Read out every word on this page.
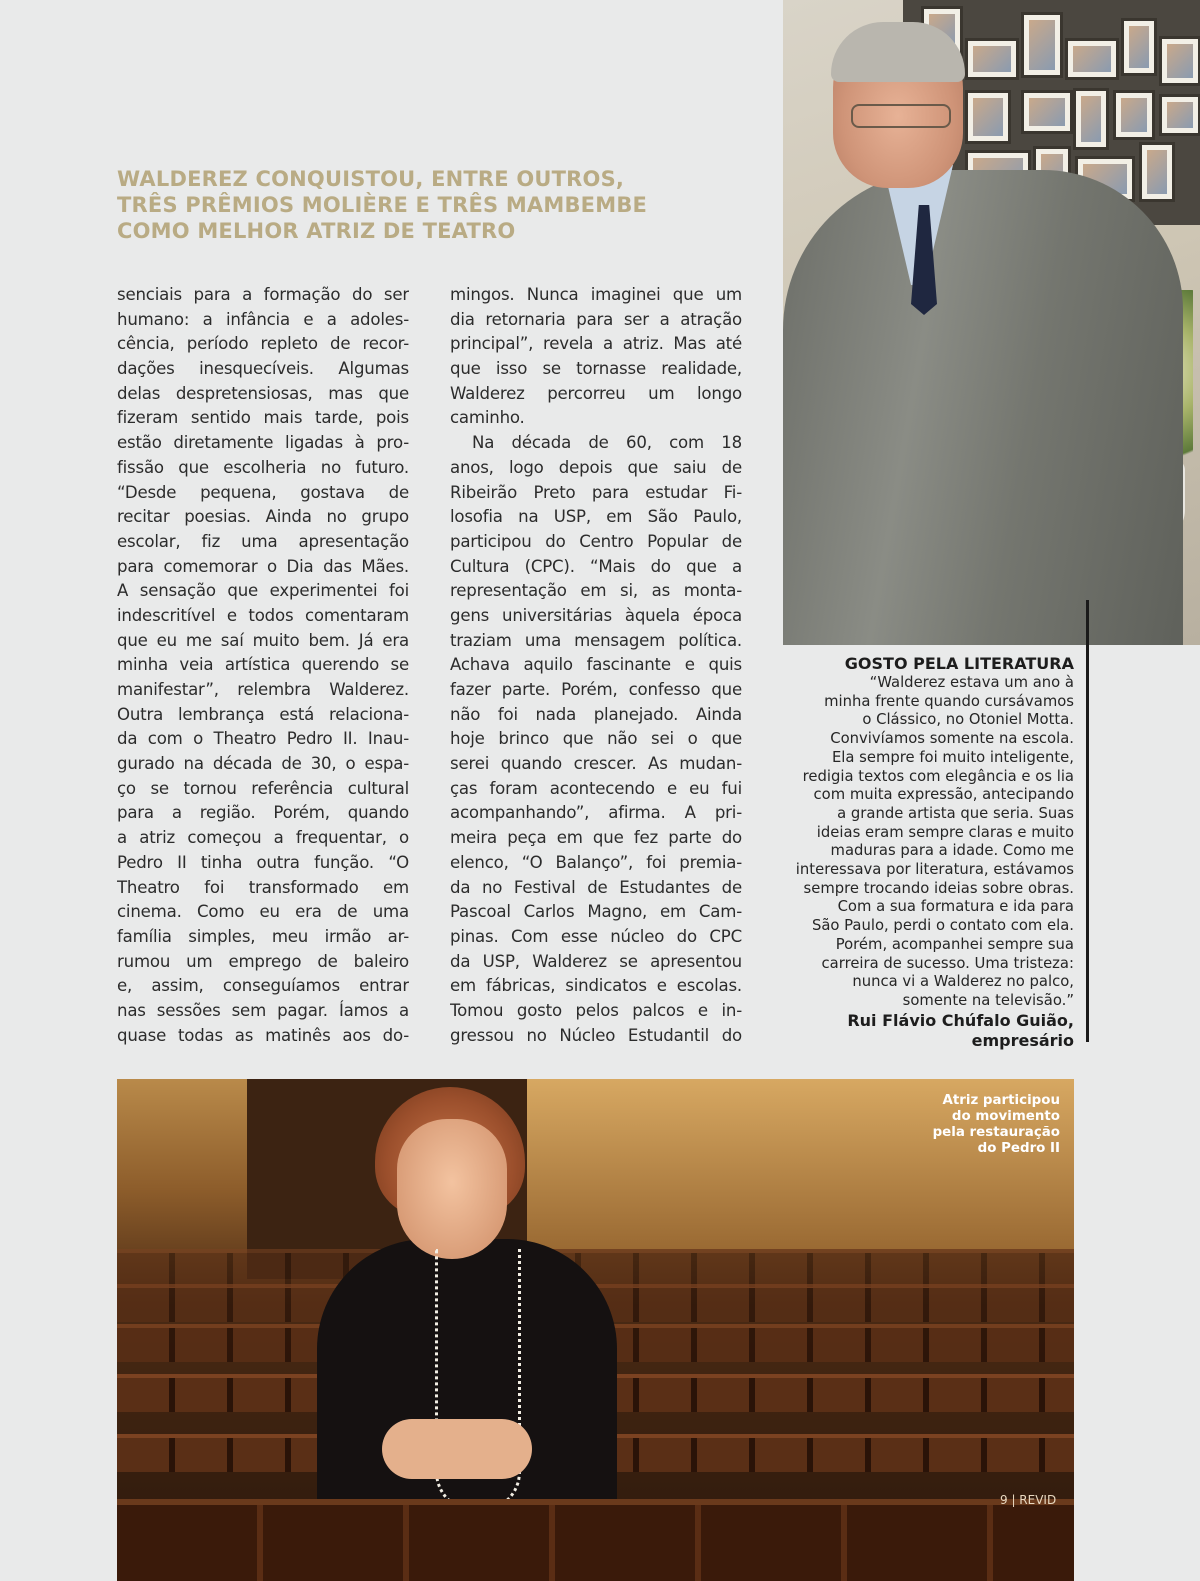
WALDEREZ CONQUISTOU, ENTRE OUTROS,
TRÊS PRÊMIOS MOLIÈRE E TRÊS MAMBEMBE
COMO MELHOR ATRIZ DE TEATRO
senciais para a formação do ser
humano: a infância e a adoles-
cência, período repleto de recor-
dações inesquecíveis. Algumas
delas despretensiosas, mas que
fizeram sentido mais tarde, pois
estão diretamente ligadas à pro-
fissão que escolheria no futuro.
“Desde pequena, gostava de
recitar poesias. Ainda no grupo
escolar, fiz uma apresentação
para comemorar o Dia das Mães.
A sensação que experimentei foi
indescritível e todos comentaram
que eu me saí muito bem. Já era
minha veia artística querendo se
manifestar”, relembra Walderez.
Outra lembrança está relaciona-
da com o Theatro Pedro II. Inau-
gurado na década de 30, o espa-
ço se tornou referência cultural
para a região. Porém, quando
a atriz começou a frequentar, o
Pedro II tinha outra função. “O
Theatro foi transformado em
cinema. Como eu era de uma
família simples, meu irmão ar-
rumou um emprego de baleiro
e, assim, conseguíamos entrar
nas sessões sem pagar. Íamos a
quase todas as matinês aos do-
mingos. Nunca imaginei que um
dia retornaria para ser a atração
principal”, revela a atriz. Mas até
que isso se tornasse realidade,
Walderez percorreu um longo
caminho.
Na década de 60, com 18
anos, logo depois que saiu de
Ribeirão Preto para estudar Fi-
losofia na USP, em São Paulo,
participou do Centro Popular de
Cultura (CPC). “Mais do que a
representação em si, as monta-
gens universitárias àquela época
traziam uma mensagem política.
Achava aquilo fascinante e quis
fazer parte. Porém, confesso que
não foi nada planejado. Ainda
hoje brinco que não sei o que
serei quando crescer. As mudan-
ças foram acontecendo e eu fui
acompanhando”, afirma. A pri-
meira peça em que fez parte do
elenco, “O Balanço”, foi premia-
da no Festival de Estudantes de
Pascoal Carlos Magno, em Cam-
pinas. Com esse núcleo do CPC
da USP, Walderez se apresentou
em fábricas, sindicatos e escolas.
Tomou gosto pelos palcos e in-
gressou no Núcleo Estudantil do
GOSTO PELA LITERATURA
“Walderez estava um ano à
minha frente quando cursávamos
o Clássico, no Otoniel Motta.
Convivíamos somente na escola.
Ela sempre foi muito inteligente,
redigia textos com elegância e os lia
com muita expressão, antecipando
a grande artista que seria. Suas
ideias eram sempre claras e muito
maduras para a idade. Como me
interessava por literatura, estávamos
sempre trocando ideias sobre obras.
Com a sua formatura e ida para
São Paulo, perdi o contato com ela.
Porém, acompanhei sempre sua
carreira de sucesso. Uma tristeza:
nunca vi a Walderez no palco,
somente na televisão.”
Rui Flávio Chúfalo Guião,
empresário
Atriz participou
do movimento
pela restauração
do Pedro II
9 | REVID
